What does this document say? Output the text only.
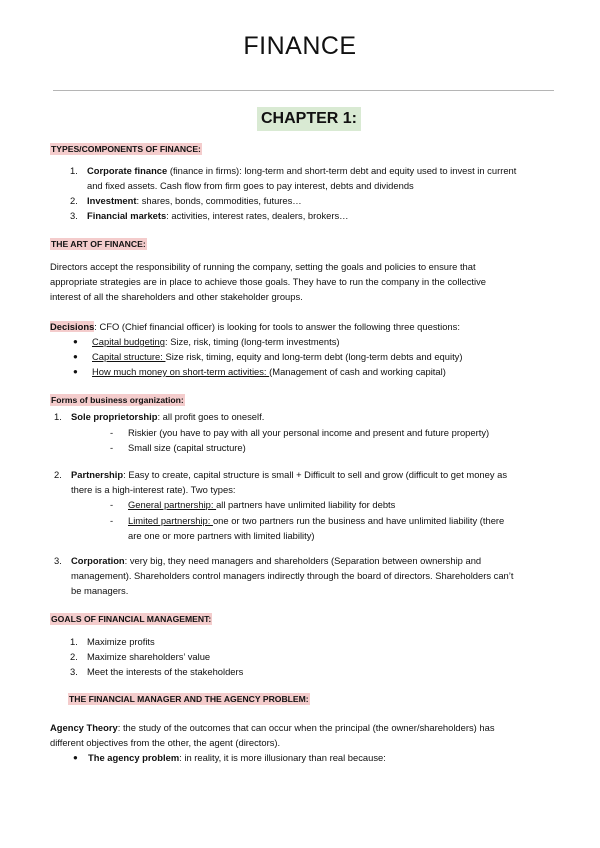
FINANCE
CHAPTER 1:
TYPES/COMPONENTS OF FINANCE:
1. Corporate finance (finance in firms): long-term and short-term debt and equity used to invest in current
and fixed assets. Cash flow from firm goes to pay interest, debts and dividends
2. Investment: shares, bonds, commodities, futures…
3. Financial markets: activities, interest rates, dealers, brokers…
THE ART OF FINANCE:
Directors accept the responsibility of running the company, setting the goals and policies to ensure that
appropriate strategies are in place to achieve those goals. They have to run the company in the collective
interest of all the shareholders and other stakeholder groups.
Decisions: CFO (Chief financial officer) is looking for tools to answer the following three questions:
● Capital budgeting: Size, risk, timing (long-term investments)
● Capital structure: Size risk, timing, equity and long-term debt (long-term debts and equity)
● How much money on short-term activities: (Management of cash and working capital)
Forms of business organization:
1. Sole proprietorship: all profit goes to oneself.
- Riskier (you have to pay with all your personal income and present and future property)
- Small size (capital structure)
2. Partnership: Easy to create, capital structure is small + Difficult to sell and grow (difficult to get money as
there is a high-interest rate). Two types:
- General partnership: all partners have unlimited liability for debts
- Limited partnership: one or two partners run the business and have unlimited liability (there
are one or more partners with limited liability)
3. Corporation: very big, they need managers and shareholders (Separation between ownership and
management). Shareholders control managers indirectly through the board of directors. Shareholders can’t
be managers.
GOALS OF FINANCIAL MANAGEMENT:
1. Maximize profits
2. Maximize shareholders’ value
3. Meet the interests of the stakeholders
THE FINANCIAL MANAGER AND THE AGENCY PROBLEM:
Agency Theory: the study of the outcomes that can occur when the principal (the owner/shareholders) has
different objectives from the other, the agent (directors).
● The agency problem: in reality, it is more illusionary than real because:
